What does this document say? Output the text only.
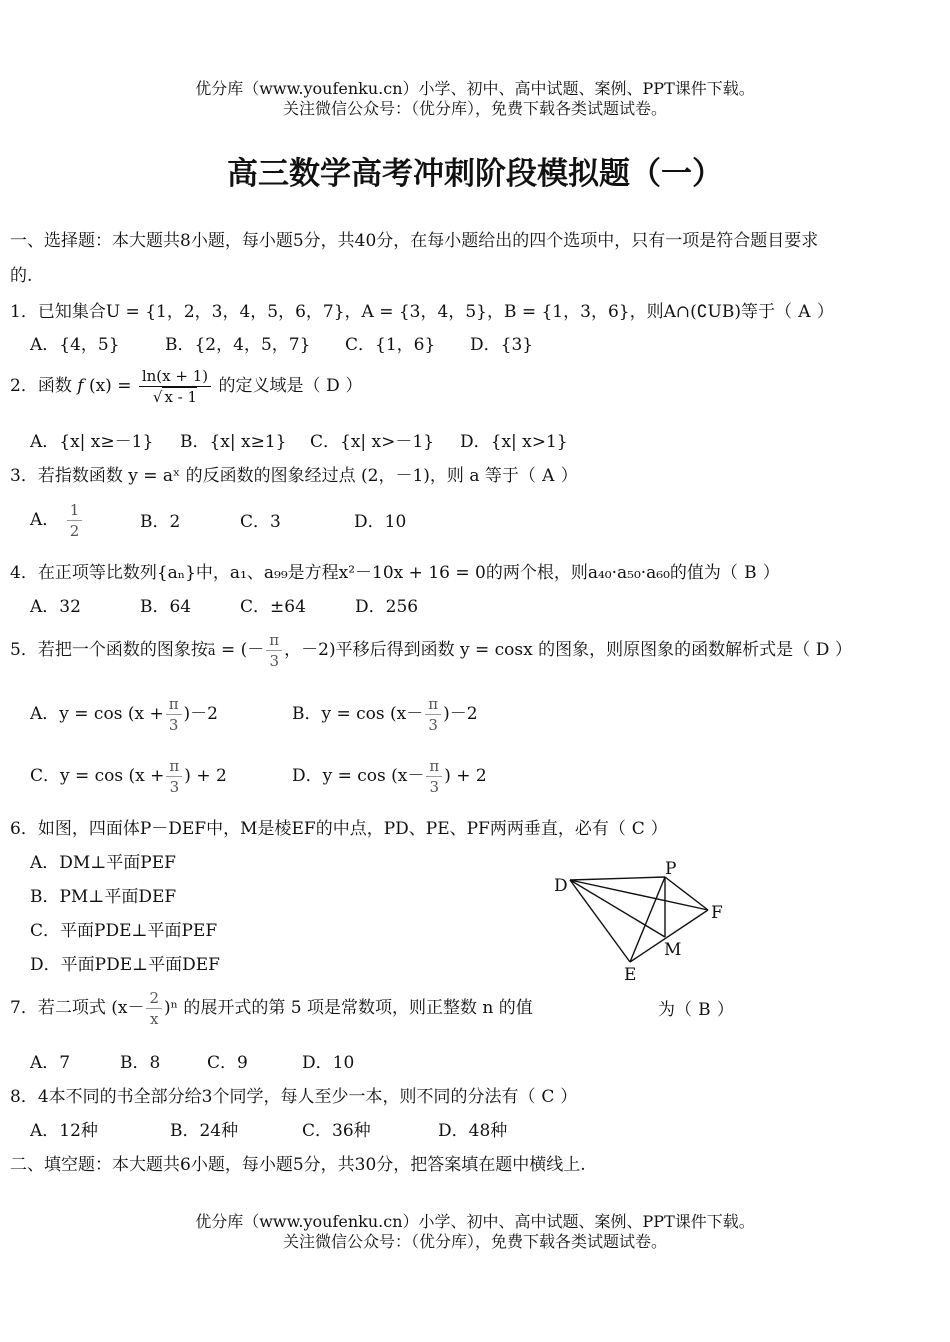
优分库（www.youfenku.cn）小学、初中、高中试题、案例、PPT课件下载。
关注微信公众号：（优分库），免费下载各类试题试卷。
高三数学高考冲刺阶段模拟题（一）
一、选择题：本大题共8小题，每小题5分，共40分，在每小题给出的四个选项中，只有一项是符合题目要求
的.
1．已知集合U = {1，2，3，4，5，6，7}，A = {3，4，5}，B = {1，3，6}，则A∩(∁UB)等于（ A ）
A．{4，5}	B．{2，4，5，7} C．{1，6} D．{3}
2．函数 f $(x) = \frac{\ln(x + 1)}{√ x - 1}$ 的定义域是（ D ）
A．{x| x≥－1} B．{x| x≥1} C．{x| x>－1} D．{x| x>1}
3．若指数函数 y = aˣ 的反函数的图象经过点 (2，－1)，则 a 等于（ A ）
A． $\frac{1}{2}$	B．2	C．3	D．10
4．在正项等比数列{aₙ}中，a₁、a₉₉是方程x²－10x + 16 = 0的两个根，则a₄₀·a₅₀·a₆₀的值为（ B ）
A．32	B．64	C．±64	D．256
5．若把一个函数的图象按→ a = (－ $\frac{\pi}{3}$ ，－2)平移后得到函数 y = cosx 的图象，则原图象的函数解析式是（ D ）
A．$y = \cos (x + \frac{\pi}{3} )-2$	B．$y = \cos (x- \frac{\pi}{3} )-2$
C．$y = \cos (x + \frac{\pi}{3}$ ) + 2	D．$y = \cos (x- \frac{\pi}{3}$ ) + 2
6．如图，四面体P－DEF中，M是棱EF的中点，PD、PE、PF两两垂直，必有（ C ）
A．DM⊥平面PEF
B．PM⊥平面DEF
C．平面PDE⊥平面PEF
D．平面PDE⊥平面DEF
D
P
F
M
E
7．若二项式 $(x- \frac{2}{x} )^n$ 的展开式的第 5 项是常数项，则正整数 n 的值	为（ B ）
A．7	B．8	C．9	D．10
8．4本不同的书全部分给3个同学，每人至少一本，则不同的分法有（ C ）
A．12种	B．24种	C．36种	D．48种
二、填空题：本大题共6小题，每小题5分，共30分，把答案填在题中横线上.
优分库（www.youfenku.cn）小学、初中、高中试题、案例、PPT课件下载。
关注微信公众号：（优分库），免费下载各类试题试卷。
